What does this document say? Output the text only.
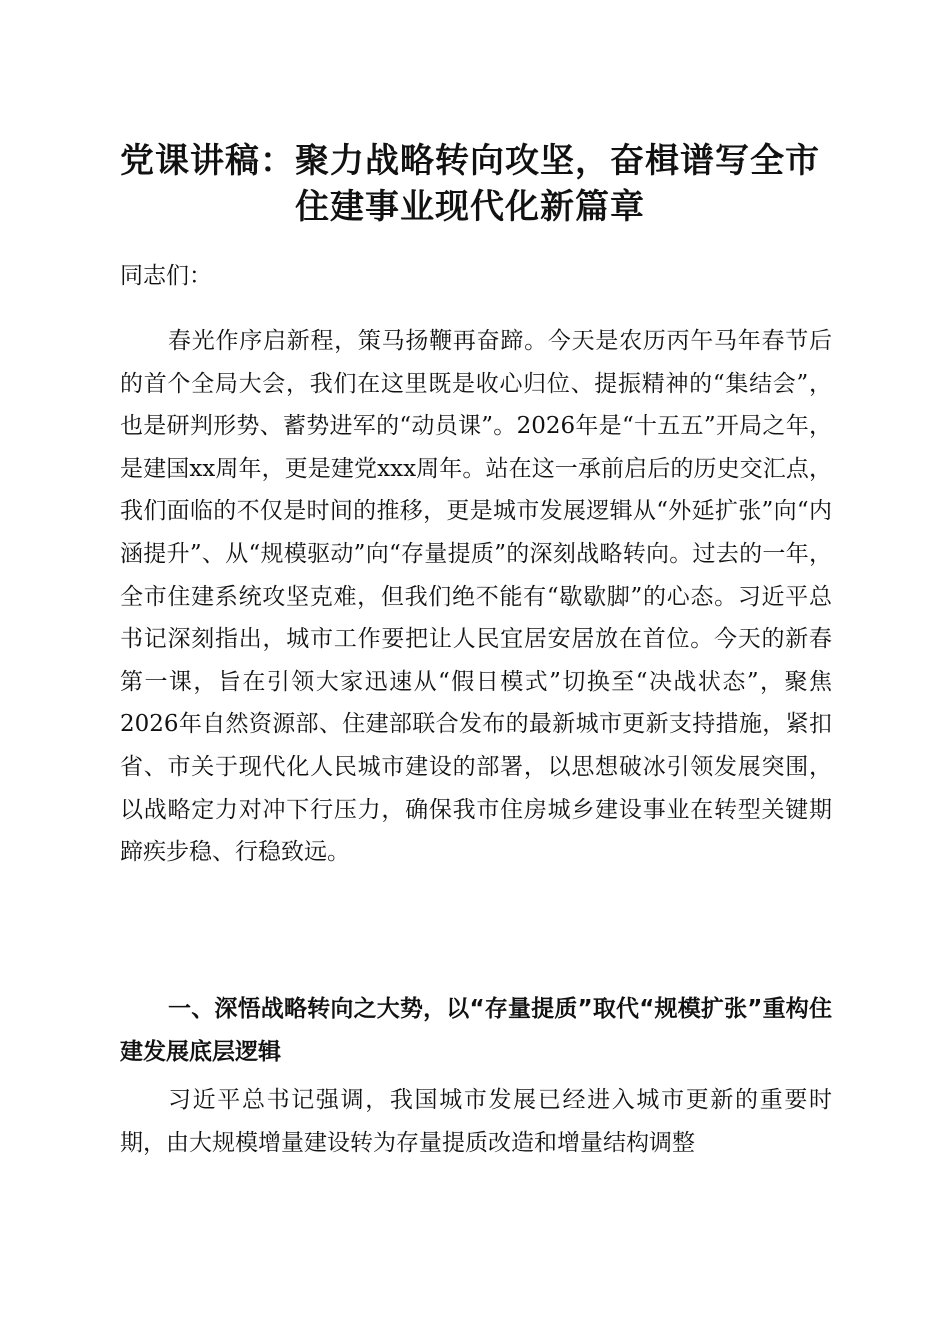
党课讲稿：聚力战略转向攻坚，奋楫谱写全市
住建事业现代化新篇章

同志们：

春光作序启新程，策马扬鞭再奋蹄。今天是农历丙午马年春节后的首个全局大会，我们在这里既是收心归位、提振精神的“集结会”，也是研判形势、蓄势进军的“动员课”。2026年是“十五五”开局之年，是建国xx周年，更是建党xxx周年。站在这一承前启后的历史交汇点，我们面临的不仅是时间的推移，更是城市发展逻辑从“外延扩张”向“内涵提升”、从“规模驱动”向“存量提质”的深刻战略转向。过去的一年，全市住建系统攻坚克难，但我们绝不能有“歇歇脚”的心态。习近平总书记深刻指出，城市工作要把让人民宜居安居放在首位。今天的新春第一课，旨在引领大家迅速从“假日模式”切换至“决战状态”，聚焦2026年自然资源部、住建部联合发布的最新城市更新支持措施，紧扣省、市关于现代化人民城市建设的部署，以思想破冰引领发展突围，以战略定力对冲下行压力，确保我市住房城乡建设事业在转型关键期蹄疾步稳、行稳致远。

一、深悟战略转向之大势，以“存量提质”取代“规模扩张”重构住建发展底层逻辑

习近平总书记强调，我国城市发展已经进入城市更新的重要时期，由大规模增量建设转为存量提质改造和增量结构调整
